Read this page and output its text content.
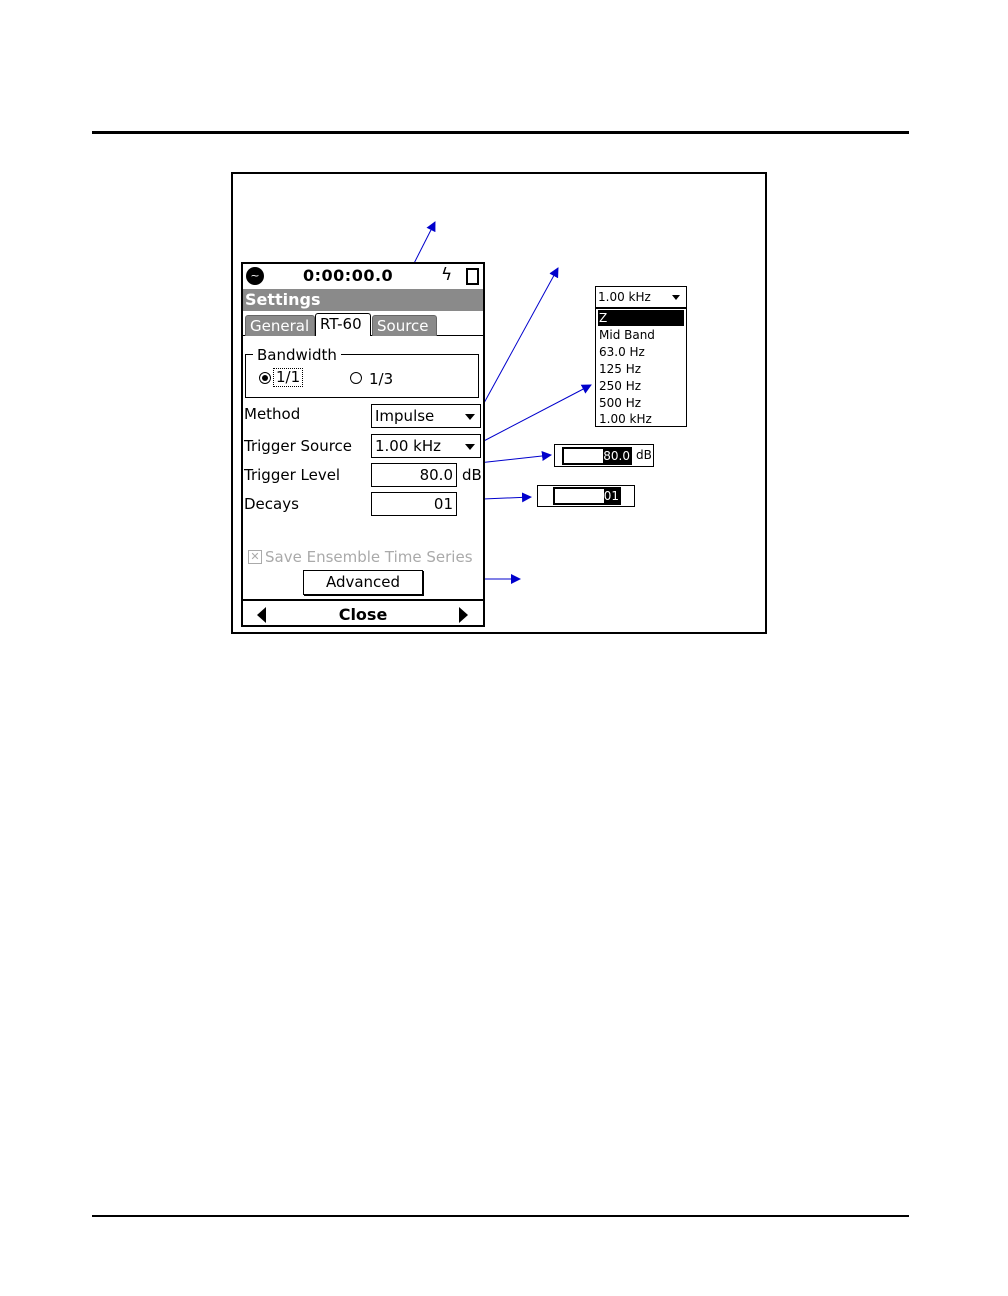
~	0:00:00.0	ϟ
Settings
General RT-60	Source
Bandwidth
1/1	1/3
Method	Impulse
Trigger Source 1.00 kHz
Trigger Level	80.0 dB
Decays	01
✕ Save Ensemble Time Series
Advanced
Close
1.00 kHz
Z
Mid Band
63.0 Hz
125 Hz
250 Hz
500 Hz
1.00 kHz
80.0 dB
01
